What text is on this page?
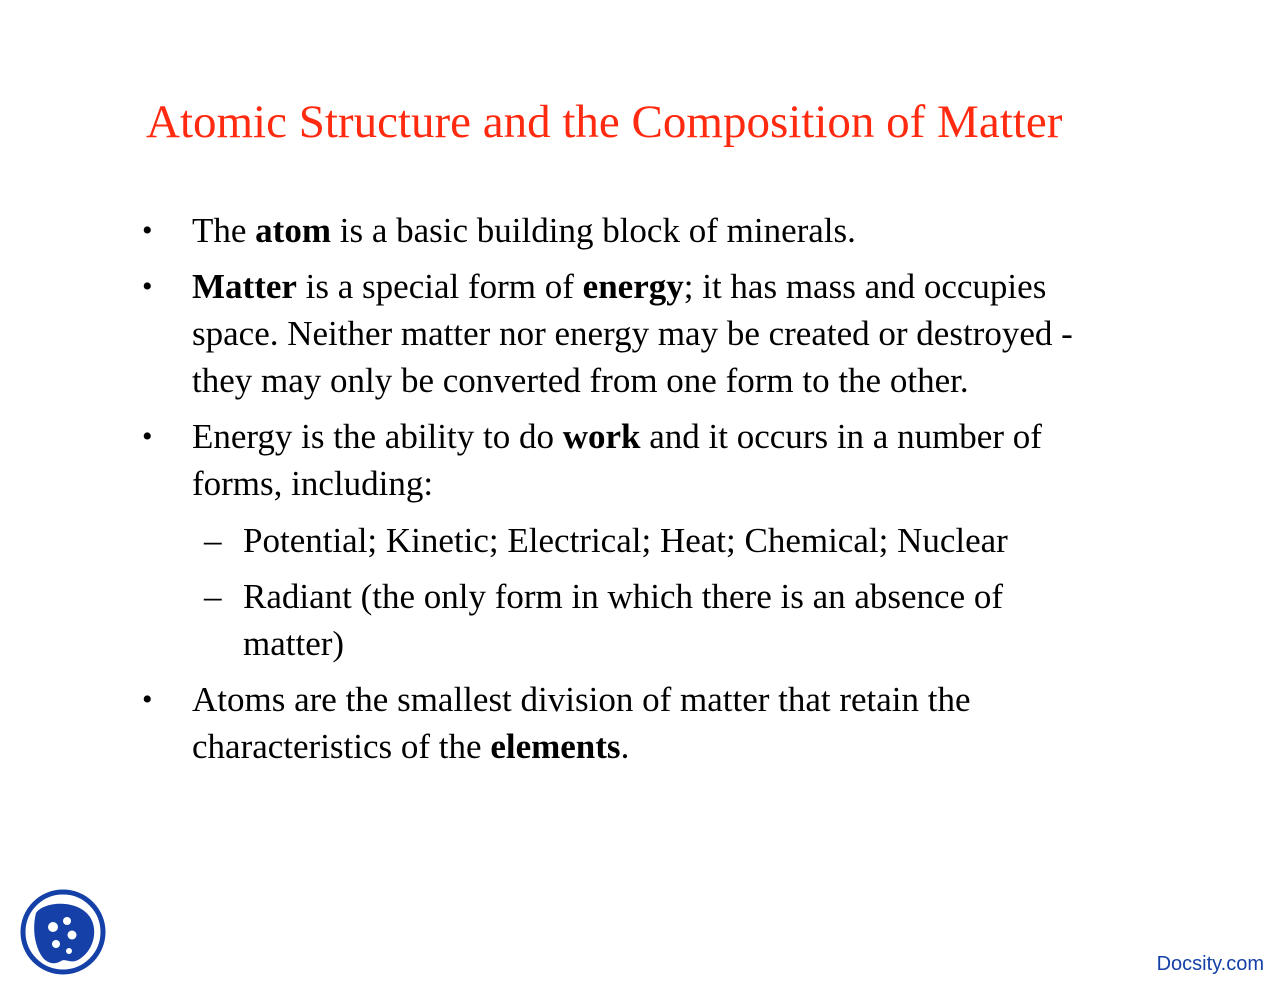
Atomic Structure and the Composition of Matter
• The atom is a basic building block of minerals.
• Matter is a special form of energy; it has mass and occupies space. Neither matter nor energy may be created or destroyed - they may only be converted from one form to the other.
• Energy is the ability to do work and it occurs in a number of forms, including:
– Potential; Kinetic; Electrical; Heat; Chemical; Nuclear
– Radiant (the only form in which there is an absence of matter)
• Atoms are the smallest division of matter that retain the characteristics of the elements.
Docsity.com
